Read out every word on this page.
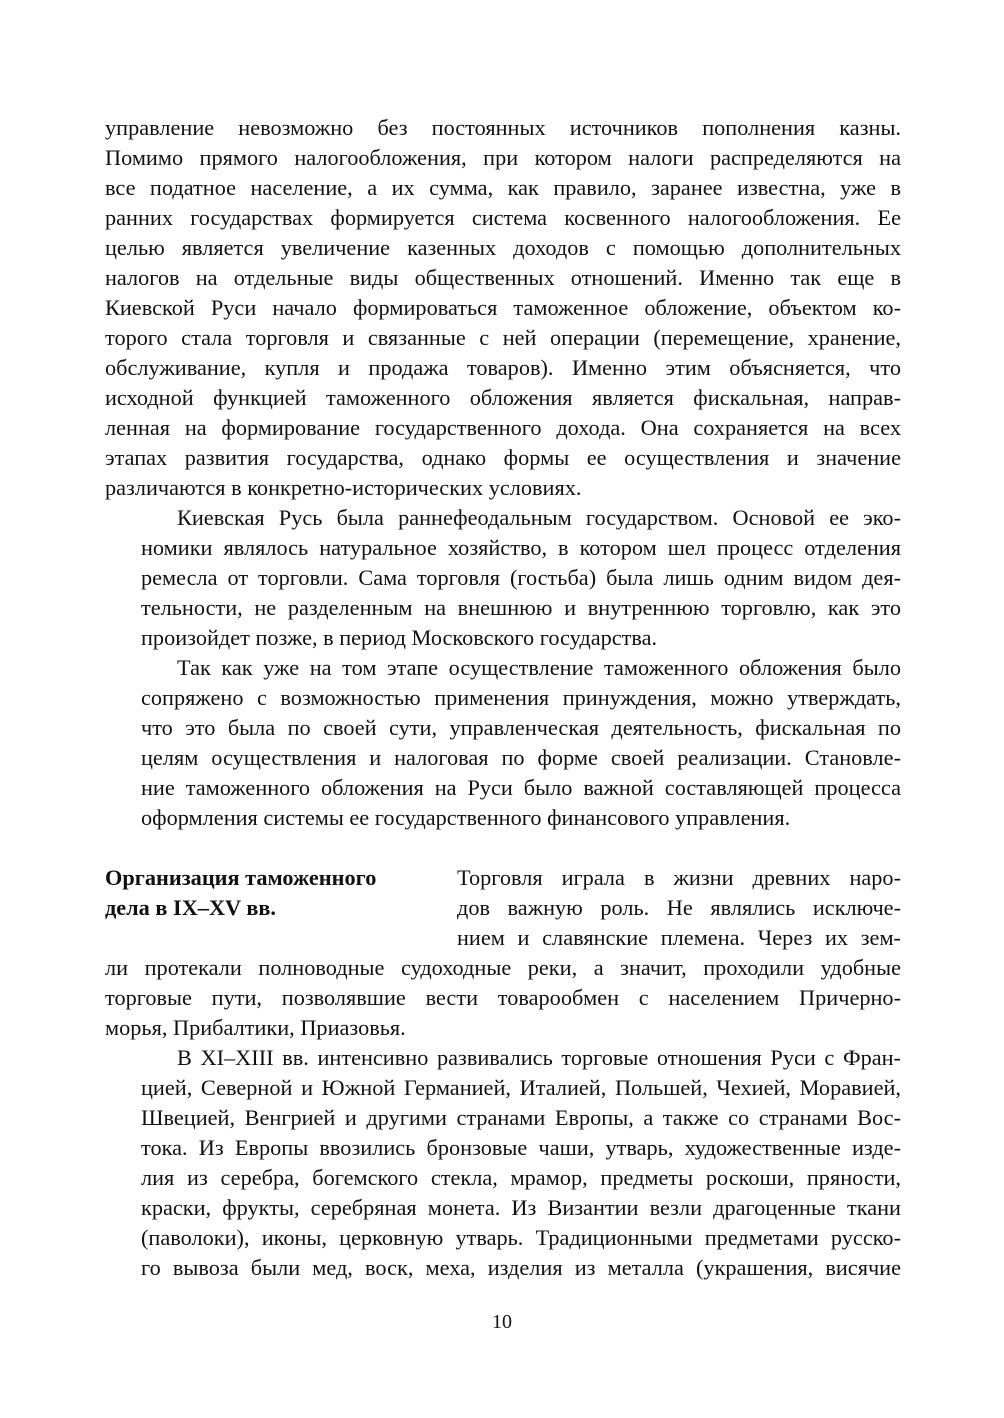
управление невозможно без постоянных источников пополнения казны.
Помимо прямого налогообложения, при котором налоги распределяются на
все податное население, а их сумма, как правило, заранее известна, уже в
ранних государствах формируется система косвенного налогообложения. Ее
целью является увеличение казенных доходов с помощью дополнительных
налогов на отдельные виды общественных отношений. Именно так еще в
Киевской Руси начало формироваться таможенное обложение, объектом ко-
торого стала торговля и связанные с ней операции (перемещение, хранение,
обслуживание, купля и продажа товаров). Именно этим объясняется, что
исходной функцией таможенного обложения является фискальная, направ-
ленная на формирование государственного дохода. Она сохраняется на всех
этапах развития государства, однако формы ее осуществления и значение
различаются в конкретно-исторических условиях.

Киевская Русь была раннефеодальным государством. Основой ее эко-
номики являлось натуральное хозяйство, в котором шел процесс отделения
ремесла от торговли. Сама торговля (гостьба) была лишь одним видом дея-
тельности, не разделенным на внешнюю и внутреннюю торговлю, как это
произойдет позже, в период Московского государства.

Так как уже на том этапе осуществление таможенного обложения было
сопряжено с возможностью применения принуждения, можно утверждать,
что это была по своей сути, управленческая деятельность, фискальная по
целям осуществления и налоговая по форме своей реализации. Становле-
ние таможенного обложения на Руси было важной составляющей процесса
оформления системы ее государственного финансового управления.

Организация таможенного
дела в IX–XV вв.

Торговля играла в жизни древних наро-
дов важную роль. Не являлись исключе-
нием и славянские племена. Через их зем-
ли протекали полноводные судоходные реки, а значит, проходили удобные
торговые пути, позволявшие вести товарообмен с населением Причерно-
морья, Прибалтики, Приазовья.

В XI–XIII вв. интенсивно развивались торговые отношения Руси с Фран-
цией, Северной и Южной Германией, Италией, Польшей, Чехией, Моравией,
Швецией, Венгрией и другими странами Европы, а также со странами Вос-
тока. Из Европы ввозились бронзовые чаши, утварь, художественные изде-
лия из серебра, богемского стекла, мрамор, предметы роскоши, пряности,
краски, фрукты, серебряная монета. Из Византии везли драгоценные ткани
(паволоки), иконы, церковную утварь. Традиционными предметами русско-
го вывоза были мед, воск, меха, изделия из металла (украшения, висячие

10
